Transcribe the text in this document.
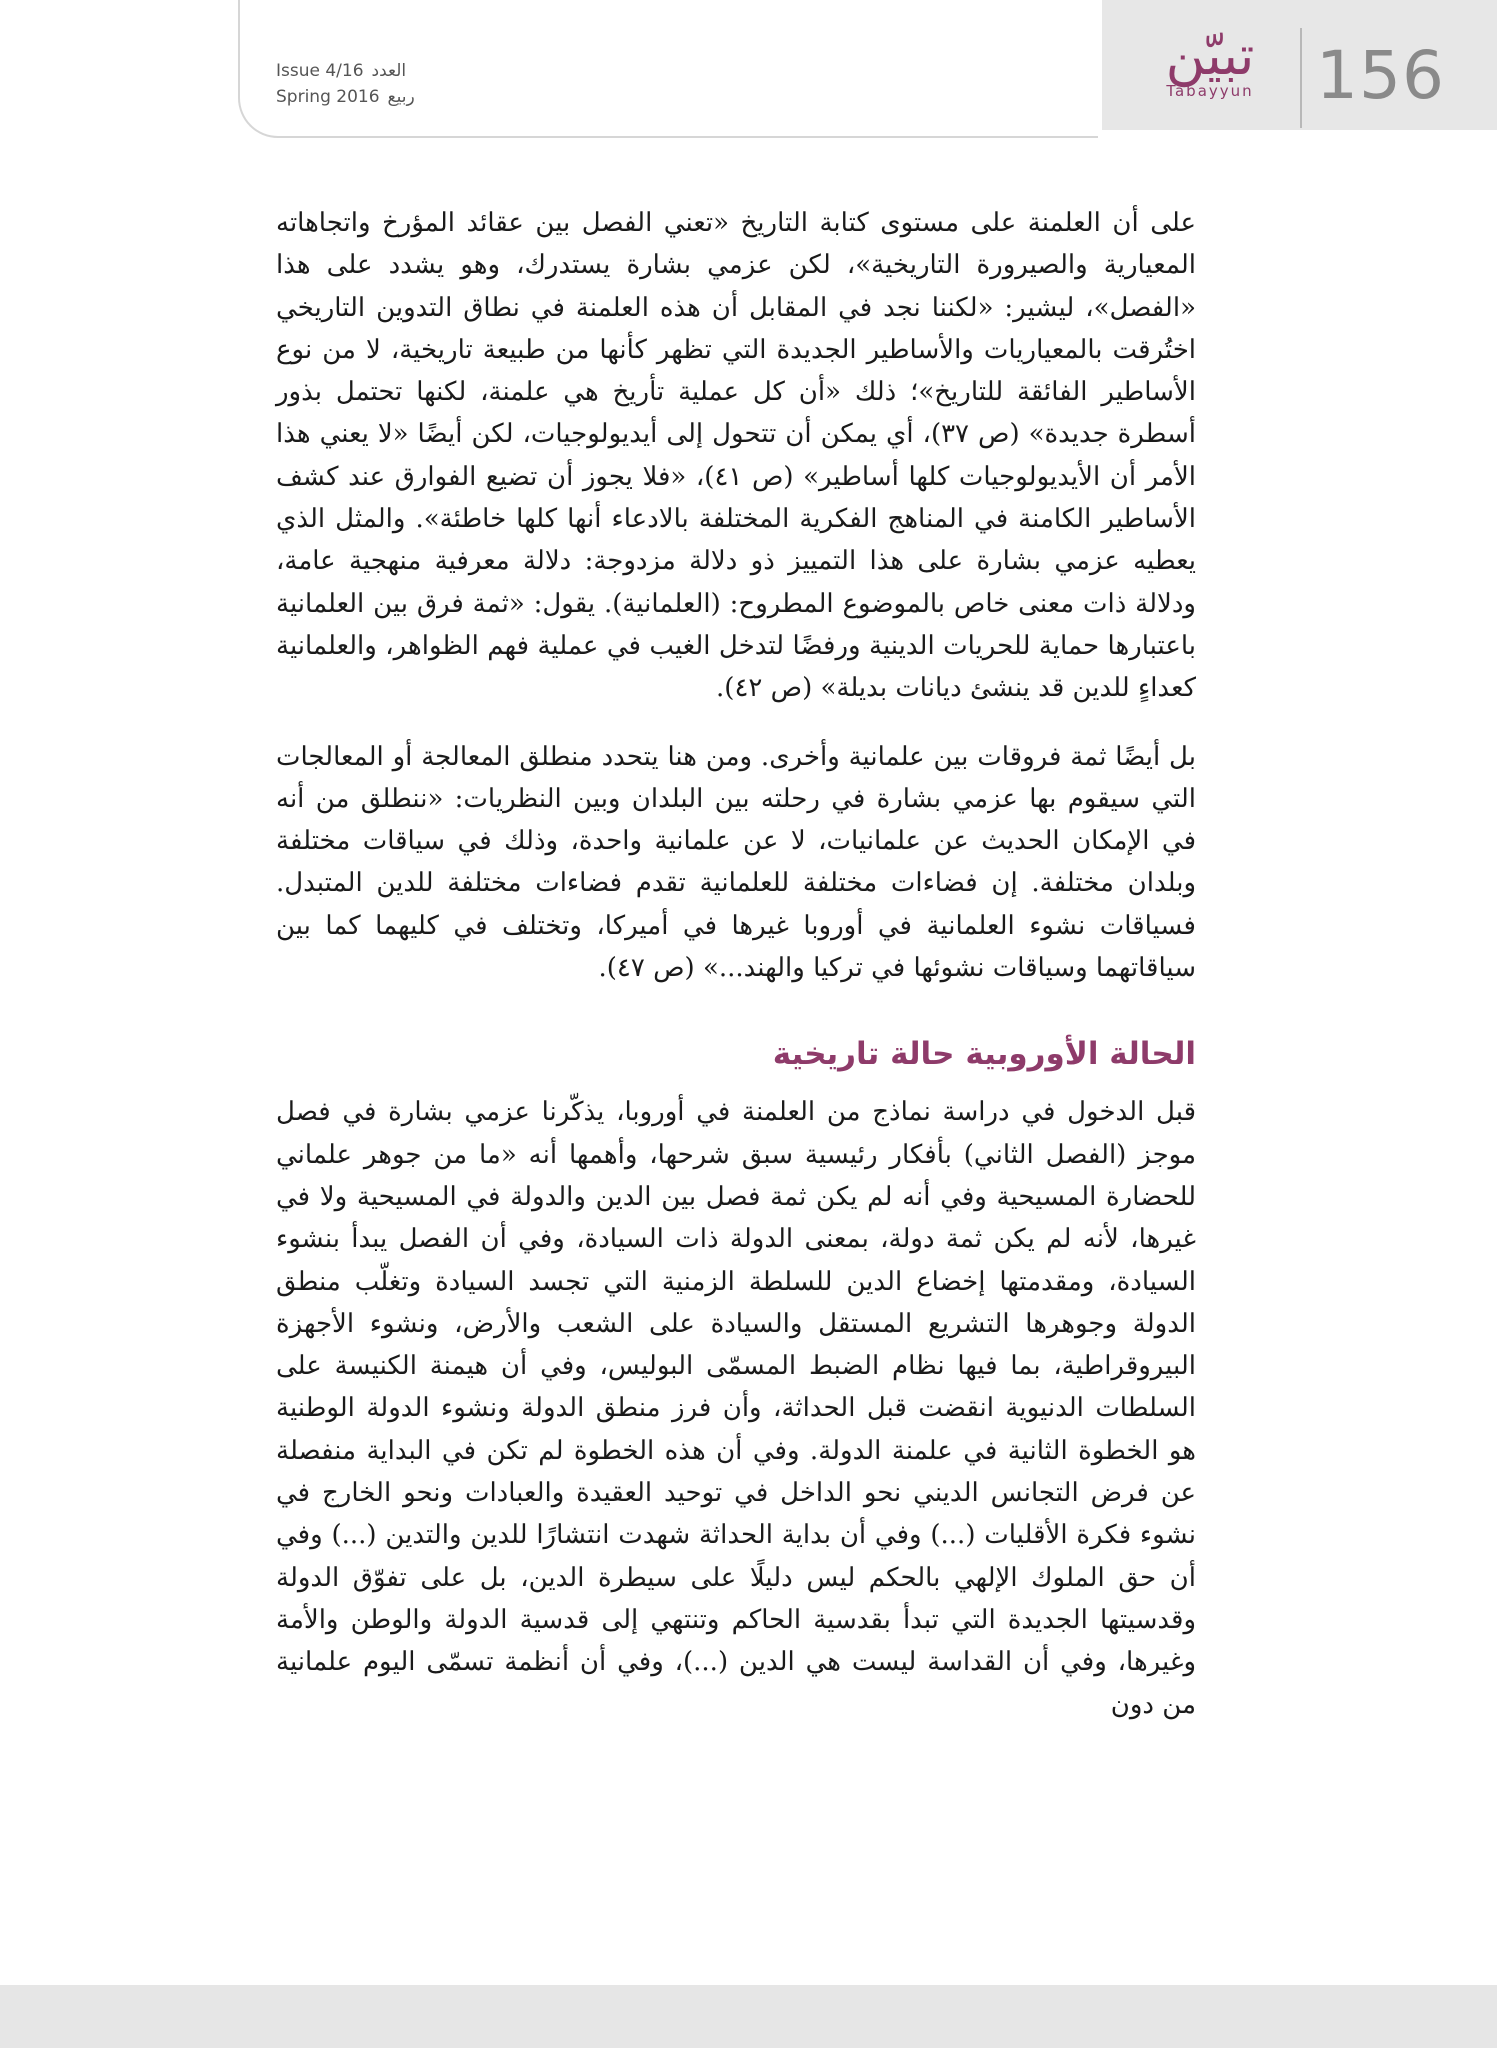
Issue 4/16 العدد
Spring 2016 ربيع
تبيّن
Tabayyun 156

على أن العلمنة على مستوى كتابة التاريخ «تعني الفصل بين عقائد المؤرخ واتجاهاته المعيارية والصيرورة التاريخية»، لكن عزمي بشارة يستدرك، وهو يشدد على هذا «الفصل»، ليشير: «لكننا نجد في المقابل أن هذه العلمنة في نطاق التدوين التاريخي اختُرقت بالمعياريات والأساطير الجديدة التي تظهر كأنها من طبيعة تاريخية، لا من نوع الأساطير الفائقة للتاريخ»؛ ذلك «أن كل عملية تأريخ هي علمنة، لكنها تحتمل بذور أسطرة جديدة» (ص ٣٧)، أي يمكن أن تتحول إلى أيديولوجيات، لكن أيضًا «لا يعني هذا الأمر أن الأيديولوجيات كلها أساطير» (ص ٤١)، «فلا يجوز أن تضيع الفوارق عند كشف الأساطير الكامنة في المناهج الفكرية المختلفة بالادعاء أنها كلها خاطئة». والمثل الذي يعطيه عزمي بشارة على هذا التمييز ذو دلالة مزدوجة: دلالة معرفية منهجية عامة، ودلالة ذات معنى خاص بالموضوع المطروح: (العلمانية). يقول: «ثمة فرق بين العلمانية باعتبارها حماية للحريات الدينية ورفضًا لتدخل الغيب في عملية فهم الظواهر، والعلمانية كعداءٍ للدين قد ينشئ ديانات بديلة» (ص ٤٢).

بل أيضًا ثمة فروقات بين علمانية وأخرى. ومن هنا يتحدد منطلق المعالجة أو المعالجات التي سيقوم بها عزمي بشارة في رحلته بين البلدان وبين النظريات: «ننطلق من أنه في الإمكان الحديث عن علمانيات، لا عن علمانية واحدة، وذلك في سياقات مختلفة وبلدان مختلفة. إن فضاءات مختلفة للعلمانية تقدم فضاءات مختلفة للدين المتبدل. فسياقات نشوء العلمانية في أوروبا غيرها في أميركا، وتختلف في كليهما كما بين سياقاتهما وسياقات نشوئها في تركيا والهند...» (ص ٤٧).

الحالة الأوروبية حالة تاريخية

قبل الدخول في دراسة نماذج من العلمنة في أوروبا، يذكّرنا عزمي بشارة في فصل موجز (الفصل الثاني) بأفكار رئيسية سبق شرحها، وأهمها أنه «ما من جوهر علماني للحضارة المسيحية وفي أنه لم يكن ثمة فصل بين الدين والدولة في المسيحية ولا في غيرها، لأنه لم يكن ثمة دولة، بمعنى الدولة ذات السيادة، وفي أن الفصل يبدأ بنشوء السيادة، ومقدمتها إخضاع الدين للسلطة الزمنية التي تجسد السيادة وتغلّب منطق الدولة وجوهرها التشريع المستقل والسيادة على الشعب والأرض، ونشوء الأجهزة البيروقراطية، بما فيها نظام الضبط المسمّى البوليس، وفي أن هيمنة الكنيسة على السلطات الدنيوية انقضت قبل الحداثة، وأن فرز منطق الدولة ونشوء الدولة الوطنية هو الخطوة الثانية في علمنة الدولة. وفي أن هذه الخطوة لم تكن في البداية منفصلة عن فرض التجانس الديني نحو الداخل في توحيد العقيدة والعبادات ونحو الخارج في نشوء فكرة الأقليات (...) وفي أن بداية الحداثة شهدت انتشارًا للدين والتدين (...) وفي أن حق الملوك الإلهي بالحكم ليس دليلًا على سيطرة الدين، بل على تفوّق الدولة وقدسيتها الجديدة التي تبدأ بقدسية الحاكم وتنتهي إلى قدسية الدولة والوطن والأمة وغيرها، وفي أن القداسة ليست هي الدين (...)، وفي أن أنظمة تسمّى اليوم علمانية من دون
